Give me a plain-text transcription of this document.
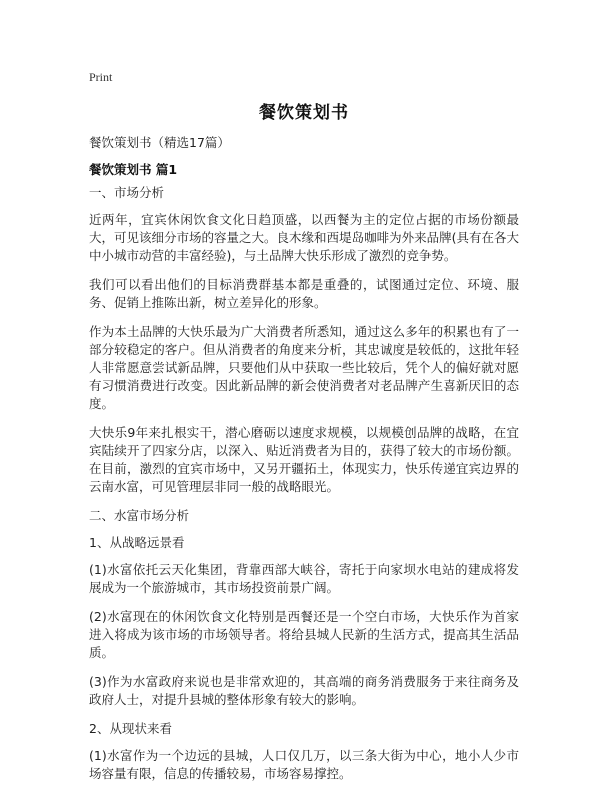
Print
餐饮策划书
餐饮策划书（精选17篇）
餐饮策划书 篇1

一、市场分析

近两年，宜宾休闲饮食文化日趋顶盛，以西餐为主的定位占据的市场份额最大，可见该细分市场的容量之大。良木缘和西堤岛咖啡为外来品牌(具有在各大中小城市动营的丰富经验)，与土品牌大快乐形成了激烈的竞争势。

我们可以看出他们的目标消费群基本都是重叠的，试图通过定位、环境、服务、促销上推陈出新，树立差异化的形象。

作为本土品牌的大快乐最为广大消费者所悉知，通过这么多年的积累也有了一部分较稳定的客户。但从消费者的角度来分析，其忠诚度是较低的，这批年轻人非常愿意尝试新品牌，只要他们从中获取一些比较后，凭个人的偏好就对愿有习惯消费进行改变。因此新品牌的新会使消费者对老品牌产生喜新厌旧的态度。

大快乐9年来扎根实干，潜心磨砺以速度求规模，以规模创品牌的战略，在宜宾陆续开了四家分店，以深入、贴近消费者为目的，获得了较大的市场份额。在目前，激烈的宜宾市场中，又另开疆拓土，体现实力，快乐传递宜宾边界的云南水富，可见管理层非同一般的战略眼光。

二、水富市场分析

1、从战略远景看

(1)水富依托云天化集团，背靠西部大峡谷，寄托于向家坝水电站的建成将发展成为一个旅游城市，其市场投资前景广阔。

(2)水富现在的休闲饮食文化特别是西餐还是一个空白市场，大快乐作为首家进入将成为该市场的市场领导者。将给县城人民新的生活方式，提高其生活品质。

(3)作为水富政府来说也是非常欢迎的，其高端的商务消费服务于来往商务及政府人士，对提升县城的整体形象有较大的影响。

2、从现状来看

(1)水富作为一个边远的县城，人口仅几万，以三条大街为中心，地小人少市场容量有限，信息的传播较易，市场容易撑控。
